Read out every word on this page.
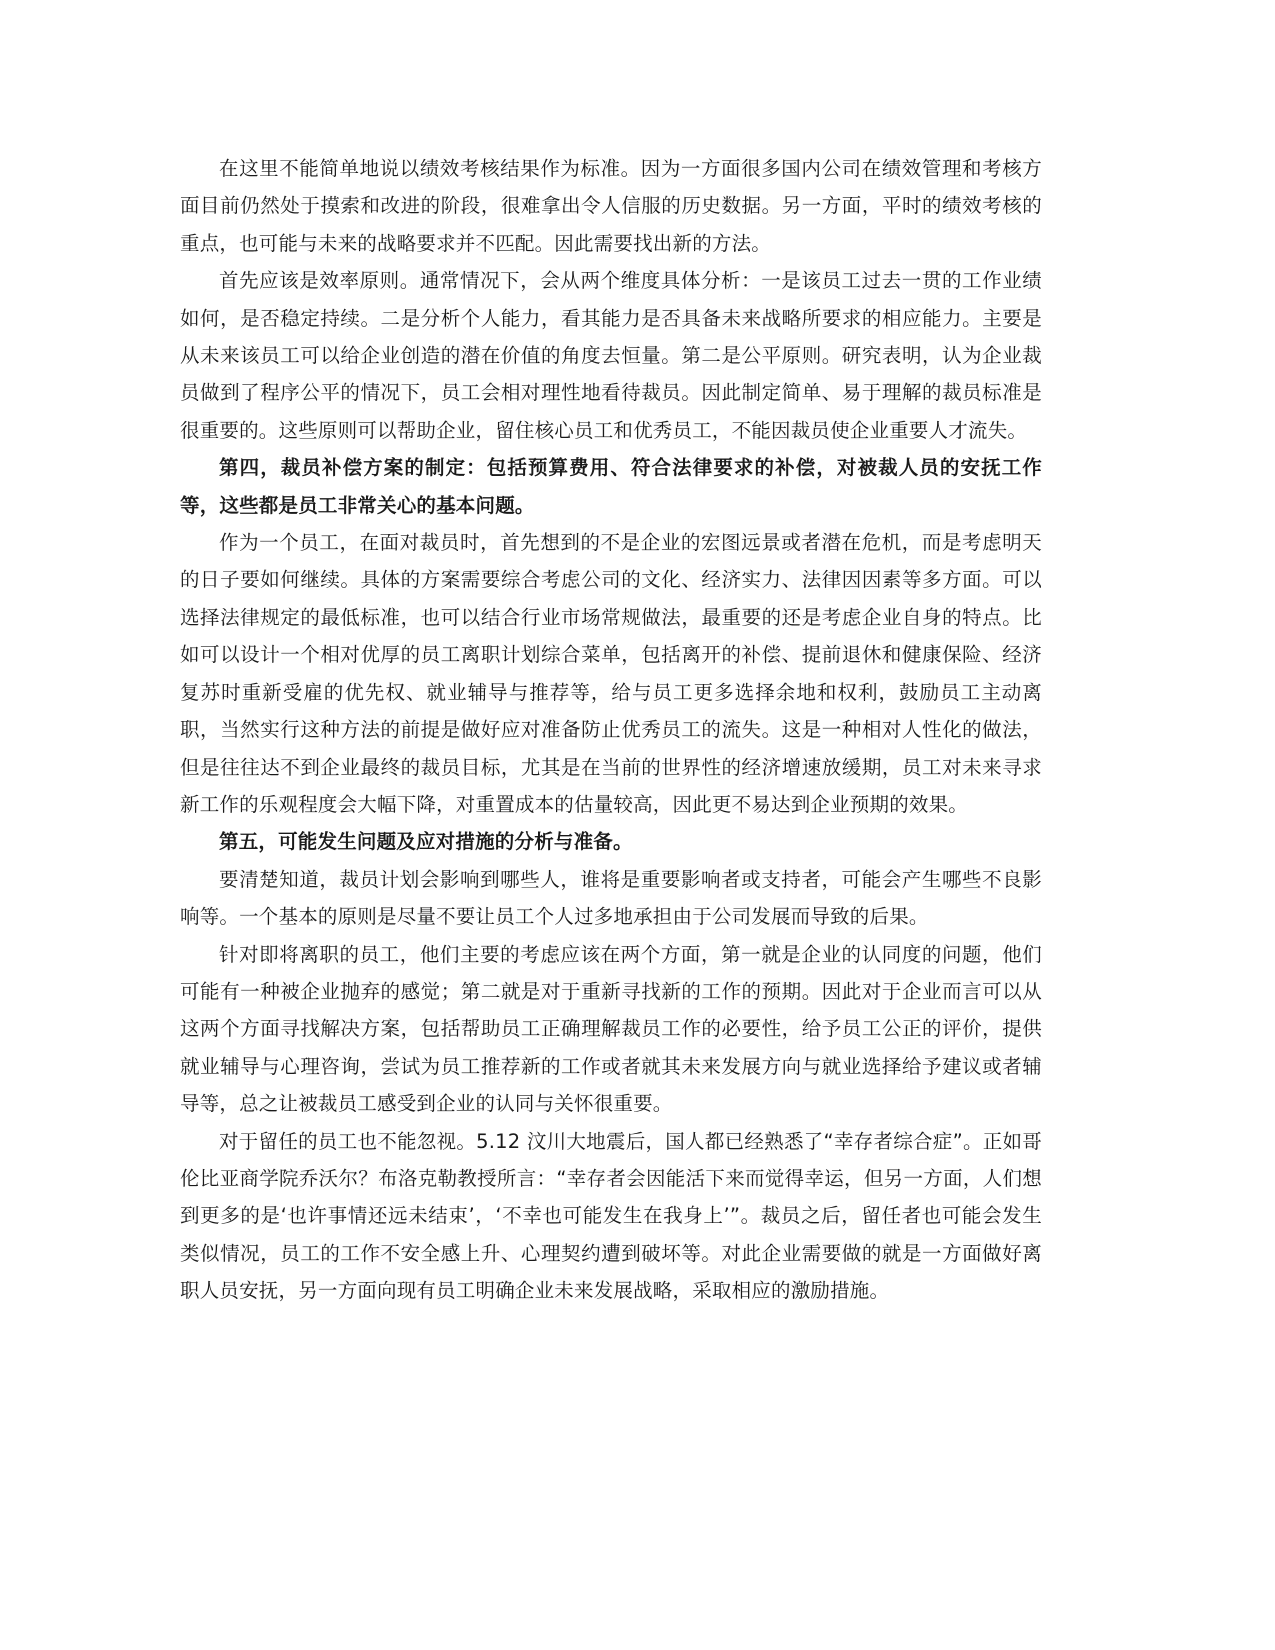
在这里不能简单地说以绩效考核结果作为标准。因为一方面很多国内公司在绩效管理和考核方面目前仍然处于摸索和改进的阶段，很难拿出令人信服的历史数据。另一方面，平时的绩效考核的重点，也可能与未来的战略要求并不匹配。因此需要找出新的方法。

首先应该是效率原则。通常情况下，会从两个维度具体分析：一是该员工过去一贯的工作业绩如何，是否稳定持续。二是分析个人能力，看其能力是否具备未来战略所要求的相应能力。主要是从未来该员工可以给企业创造的潜在价值的角度去恒量。第二是公平原则。研究表明，认为企业裁员做到了程序公平的情况下，员工会相对理性地看待裁员。因此制定简单、易于理解的裁员标准是很重要的。这些原则可以帮助企业，留住核心员工和优秀员工，不能因裁员使企业重要人才流失。

第四，裁员补偿方案的制定：包括预算费用、符合法律要求的补偿，对被裁人员的安抚工作等，这些都是员工非常关心的基本问题。

作为一个员工，在面对裁员时，首先想到的不是企业的宏图远景或者潜在危机，而是考虑明天的日子要如何继续。具体的方案需要综合考虑公司的文化、经济实力、法律因因素等多方面。可以选择法律规定的最低标准，也可以结合行业市场常规做法，最重要的还是考虑企业自身的特点。比如可以设计一个相对优厚的员工离职计划综合菜单，包括离开的补偿、提前退休和健康保险、经济复苏时重新受雇的优先权、就业辅导与推荐等，给与员工更多选择余地和权利，鼓励员工主动离职，当然实行这种方法的前提是做好应对准备防止优秀员工的流失。这是一种相对人性化的做法，但是往往达不到企业最终的裁员目标，尤其是在当前的世界性的经济增速放缓期，员工对未来寻求新工作的乐观程度会大幅下降，对重置成本的估量较高，因此更不易达到企业预期的效果。

第五，可能发生问题及应对措施的分析与准备。

要清楚知道，裁员计划会影响到哪些人，谁将是重要影响者或支持者，可能会产生哪些不良影响等。一个基本的原则是尽量不要让员工个人过多地承担由于公司发展而导致的后果。

针对即将离职的员工，他们主要的考虑应该在两个方面，第一就是企业的认同度的问题，他们可能有一种被企业抛弃的感觉；第二就是对于重新寻找新的工作的预期。因此对于企业而言可以从这两个方面寻找解决方案，包括帮助员工正确理解裁员工作的必要性，给予员工公正的评价，提供就业辅导与心理咨询，尝试为员工推荐新的工作或者就其未来发展方向与就业选择给予建议或者辅导等，总之让被裁员工感受到企业的认同与关怀很重要。

对于留任的员工也不能忽视。5.12 汶川大地震后，国人都已经熟悉了“幸存者综合症”。正如哥伦比亚商学院乔沃尔？布洛克勒教授所言：“幸存者会因能活下来而觉得幸运，但另一方面，人们想到更多的是‘也许事情还远未结束’，‘不幸也可能发生在我身上’”。裁员之后，留任者也可能会发生类似情况，员工的工作不安全感上升、心理契约遭到破坏等。对此企业需要做的就是一方面做好离职人员安抚，另一方面向现有员工明确企业未来发展战略，采取相应的激励措施。
